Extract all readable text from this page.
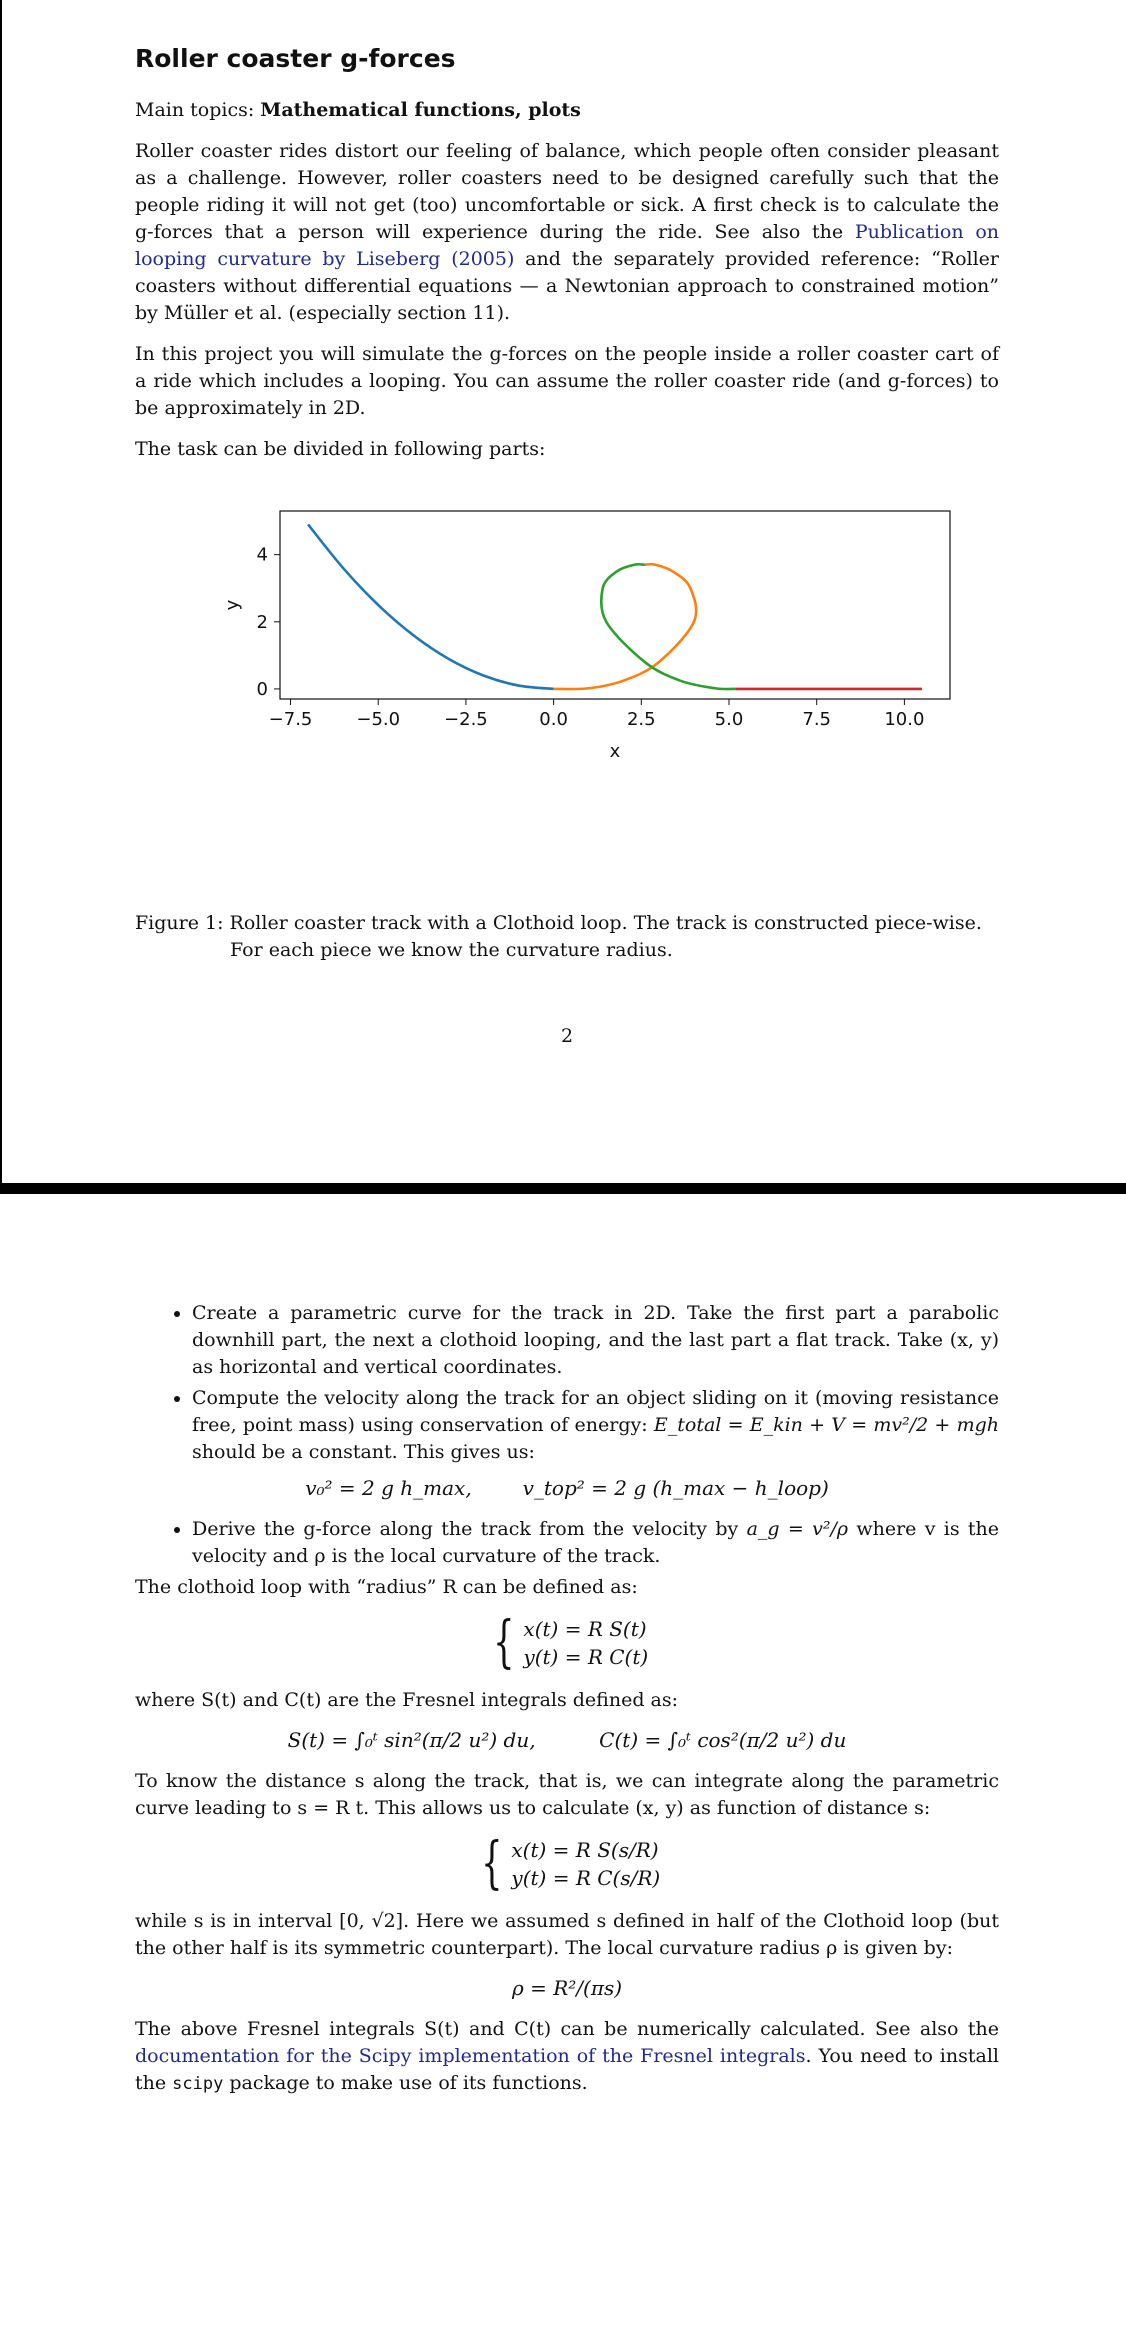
Roller coaster g-forces

Main topics: Mathematical functions, plots

Roller coaster rides distort our feeling of balance, which people often consider pleasant as a challenge. However, roller coasters need to be designed carefully such that the people riding it will not get (too) uncomfortable or sick. A first check is to calculate the g-forces that a person will experience during the ride. See also the Publication on looping curvature by Liseberg (2005) and the separately provided reference: “Roller coasters without differential equations — a Newtonian approach to constrained motion” by Müller et al. (especially section 11).

In this project you will simulate the g-forces on the people inside a roller coaster cart of a ride which includes a looping. You can assume the roller coaster ride (and g-forces) to be approximately in 2D.

The task can be divided in following parts:

−7.5 −5.0 −2.5	0.0	2.5	5.0	7.5	10.0
0
2
4
x
y

Figure 1: Roller coaster track with a Clothoid loop. The track is constructed piece-wise. For each piece we know the curvature radius.

2
• Create a parametric curve for the track in 2D. Take the first part a parabolic downhill part, the next a clothoid looping, and the last part a flat track. Take (x, y) as horizontal and vertical coordinates.
• Compute the velocity along the track for an object sliding on it (moving resistance free, point mass) using conservation of energy: E_total = E_kin + V = mv²/2 + mgh should be a constant. This gives us:
v₀² = 2 g h_max,	v_top² = 2 g (h_max − h_loop)
• Derive the g-force along the track from the velocity by a_g = v²/ρ where v is the velocity and ρ is the local curvature of the track.

The clothoid loop with “radius” R can be defined as:

{ x(t) = R S(t)
y(t) = R C(t)

where S(t) and C(t) are the Fresnel integrals defined as:

S(t) = ∫₀ᵗ sin²(π/2 u²) du,	C(t) = ∫₀ᵗ cos²(π/2 u²) du

To know the distance s along the track, that is, we can integrate along the parametric curve leading to s = R t. This allows us to calculate (x, y) as function of distance s:

{ x(t) = R S(s/R)
y(t) = R C(s/R)

while s is in interval [0, √2]. Here we assumed s defined in half of the Clothoid loop (but the other half is its symmetric counterpart). The local curvature radius ρ is given by:

ρ = R²/(πs)

The above Fresnel integrals S(t) and C(t) can be numerically calculated. See also the documentation for the Scipy implementation of the Fresnel integrals. You need to install the scipy package to make use of its functions.
